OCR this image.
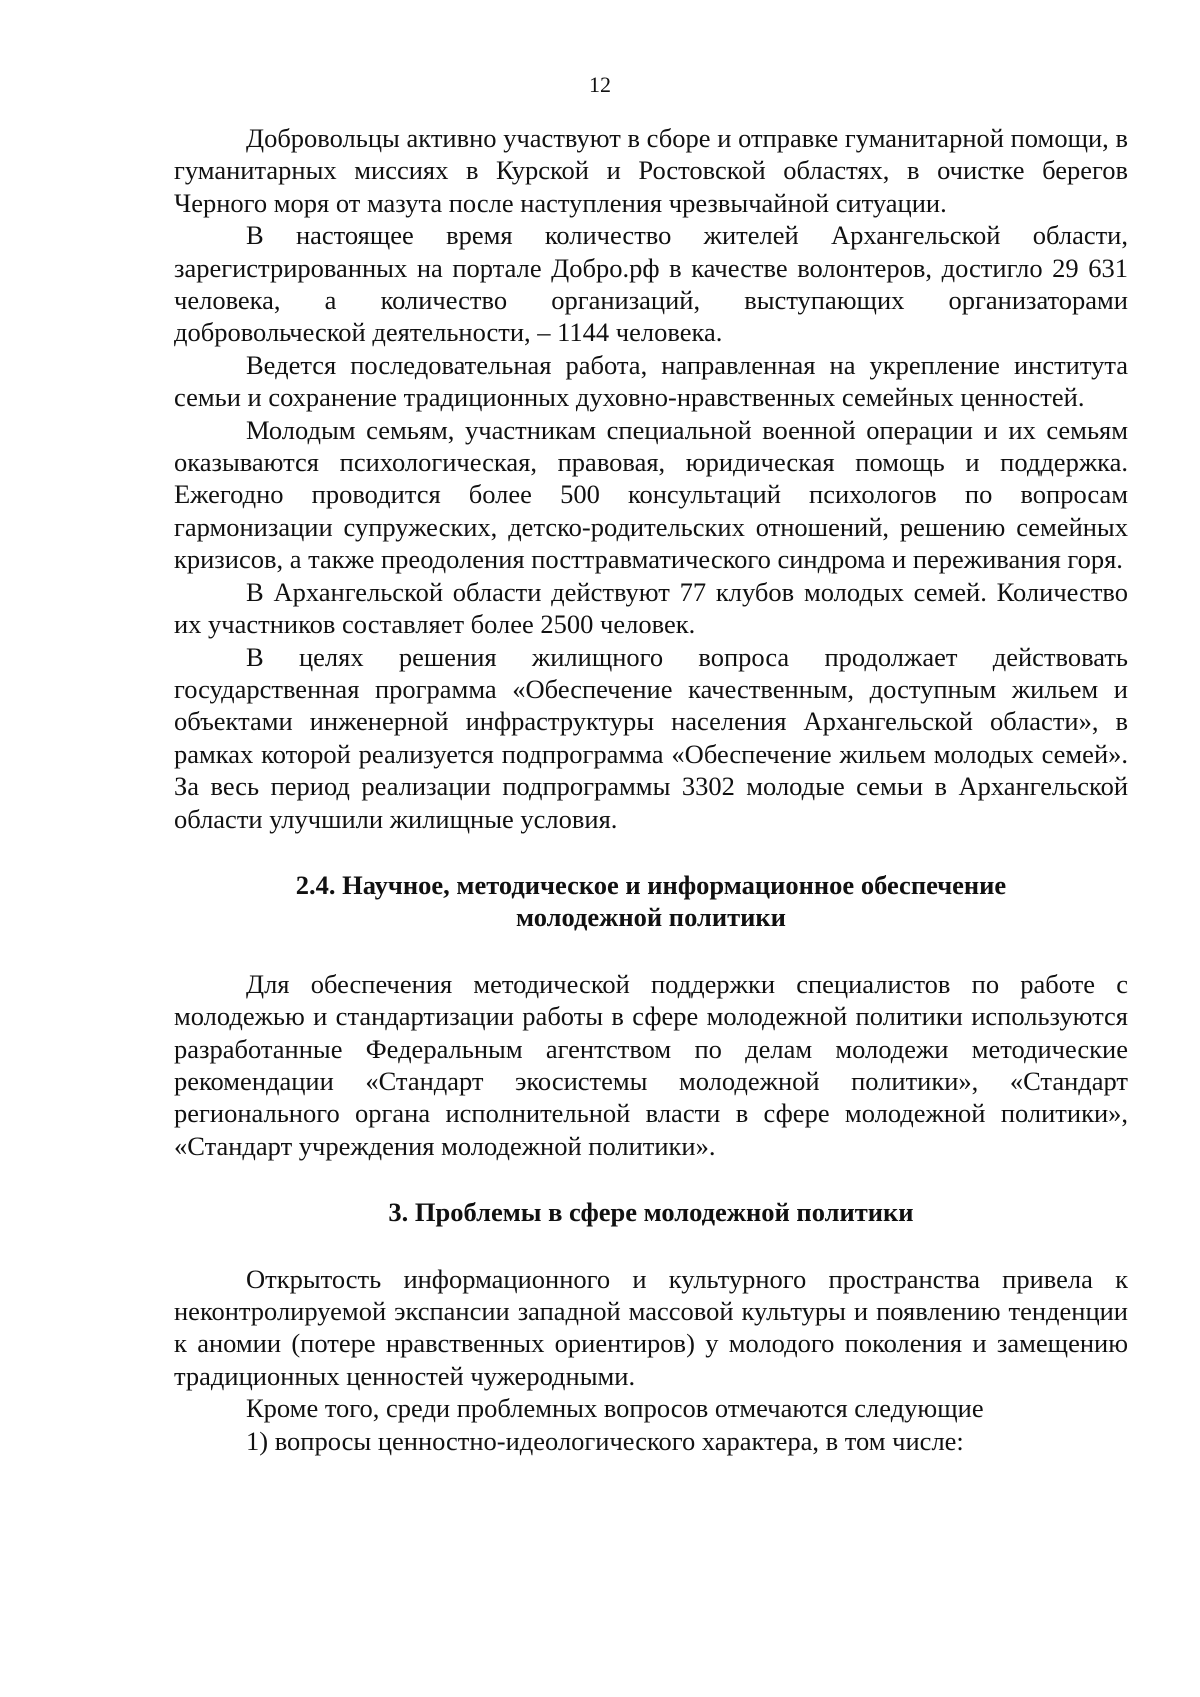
12

Добровольцы активно участвуют в сборе и отправке гуманитарной помощи, в гуманитарных миссиях в Курской и Ростовской областях, в очистке берегов Черного моря от мазута после наступления чрезвычайной ситуации.

В настоящее время количество жителей Архангельской области, зарегистрированных на портале Добро.рф в качестве волонтеров, достигло 29 631 человека, а количество организаций, выступающих организаторами добровольческой деятельности, – 1144 человека.

Ведется последовательная работа, направленная на укрепление института семьи и сохранение традиционных духовно-нравственных семейных ценностей.

Молодым семьям, участникам специальной военной операции и их семьям оказываются психологическая, правовая, юридическая помощь и поддержка. Ежегодно проводится более 500 консультаций психологов по вопросам гармонизации супружеских, детско-родительских отношений, решению семейных кризисов, а также преодоления посттравматического синдрома и переживания горя.

В Архангельской области действуют 77 клубов молодых семей. Количество их участников составляет более 2500 человек.

В целях решения жилищного вопроса продолжает действовать государственная программа «Обеспечение качественным, доступным жильем и объектами инженерной инфраструктуры населения Архангельской области», в рамках которой реализуется подпрограмма «Обеспечение жильем молодых семей». За весь период реализации подпрограммы 3302 молодые семьи в Архангельской области улучшили жилищные условия.

2.4. Научное, методическое и информационное обеспечение молодежной политики

Для обеспечения методической поддержки специалистов по работе с молодежью и стандартизации работы в сфере молодежной политики используются разработанные Федеральным агентством по делам молодежи методические рекомендации «Стандарт экосистемы молодежной политики», «Стандарт регионального органа исполнительной власти в сфере молодежной политики», «Стандарт учреждения молодежной политики».

3. Проблемы в сфере молодежной политики

Открытость информационного и культурного пространства привела к неконтролируемой экспансии западной массовой культуры и появлению тенденции к аномии (потере нравственных ориентиров) у молодого поколения и замещению традиционных ценностей чужеродными.

Кроме того, среди проблемных вопросов отмечаются следующие

1) вопросы ценностно-идеологического характера, в том числе:
